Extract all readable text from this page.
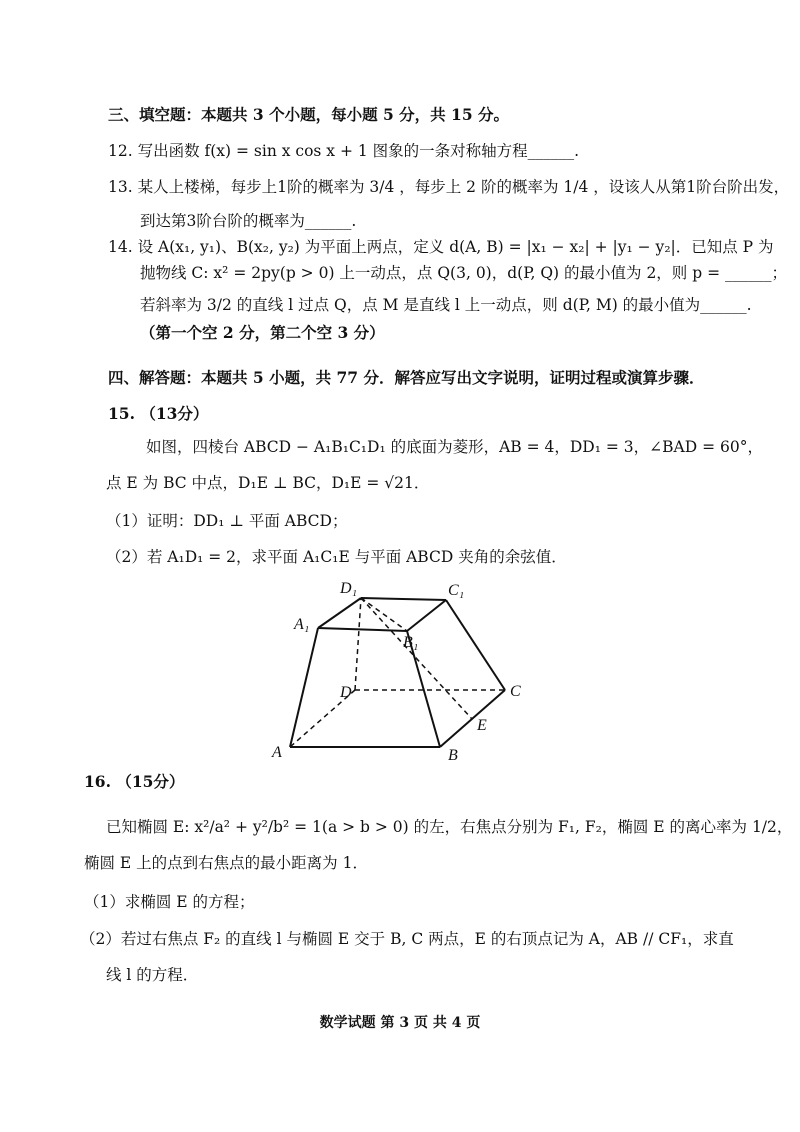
三、填空题：本题共 3 个小题，每小题 5 分，共 15 分。
12. 写出函数 f(x) = sin x cos x + 1 图象的一条对称轴方程______.
13. 某人上楼梯，每步上1阶的概率为 3/4 ，每步上 2 阶的概率为 1/4 ，设该人从第1阶台阶出发，
到达第3阶台阶的概率为______.
14. 设 A(x₁, y₁)、B(x₂, y₂) 为平面上两点，定义 d(A, B) = |x₁ − x₂| + |y₁ − y₂|．已知点 P 为
抛物线 C: x² = 2py(p > 0) 上一动点，点 Q(3, 0)，d(P, Q) 的最小值为 2，则 p = ______；
若斜率为 3/2 的直线 l 过点 Q，点 M 是直线 l 上一动点，则 d(P, M) 的最小值为______.
（第一个空 2 分，第二个空 3 分）
四、解答题：本题共 5 小题，共 77 分．解答应写出文字说明，证明过程或演算步骤．
15. （13分）
如图，四棱台 ABCD − A₁B₁C₁D₁ 的底面为菱形，AB = 4，DD₁ = 3，∠BAD = 60°，
点 E 为 BC 中点，D₁E ⊥ BC，D₁E = √21．
（1）证明：DD₁ ⊥ 平面 ABCD；
（2）若 A₁D₁ = 2，求平面 A₁C₁E 与平面 ABCD 夹角的余弦值．
A	B
C
D
E
A₁
B₁
C₁
D₁
16. （15分）
已知椭圆 E: x²/a² + y²/b² = 1(a > b > 0) 的左，右焦点分别为 F₁, F₂，椭圆 E 的离心率为 1/2，
椭圆 E 上的点到右焦点的最小距离为 1．
（1）求椭圆 E 的方程；
（2）若过右焦点 F₂ 的直线 l 与椭圆 E 交于 B, C 两点，E 的右顶点记为 A，AB // CF₁，求直
线 l 的方程．
数学试题 第 3 页 共 4 页
